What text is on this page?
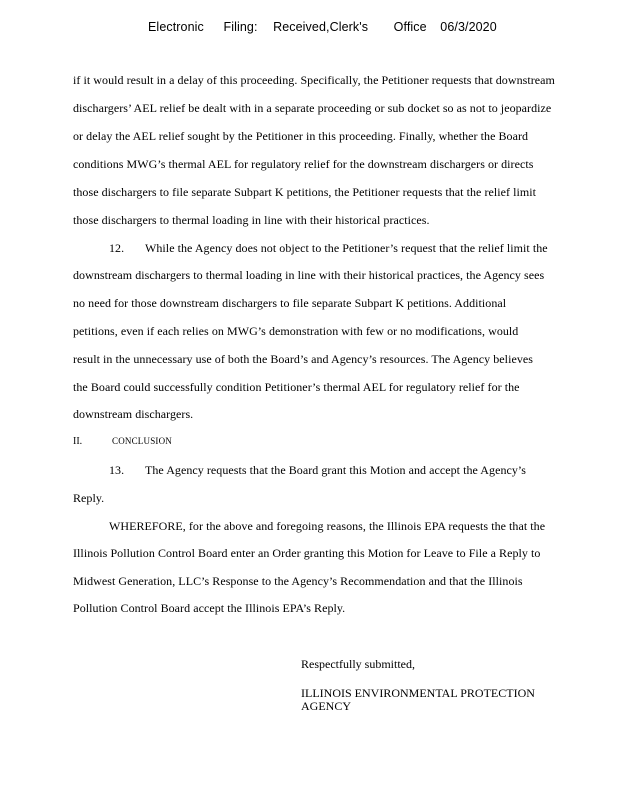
Electronic Filing: Received,Clerk's Office 06/3/2020
if it would result in a delay of this proceeding. Specifically, the Petitioner requests that downstream
dischargers’ AEL relief be dealt with in a separate proceeding or sub docket so as not to jeopardize
or delay the AEL relief sought by the Petitioner in this proceeding. Finally, whether the Board
conditions MWG’s thermal AEL for regulatory relief for the downstream dischargers or directs
those dischargers to file separate Subpart K petitions, the Petitioner requests that the relief limit
those dischargers to thermal loading in line with their historical practices.
12. While the Agency does not object to the Petitioner’s request that the relief limit the
downstream dischargers to thermal loading in line with their historical practices, the Agency sees
no need for those downstream dischargers to file separate Subpart K petitions. Additional
petitions, even if each relies on MWG’s demonstration with few or no modifications, would
result in the unnecessary use of both the Board’s and Agency’s resources. The Agency believes
the Board could successfully condition Petitioner’s thermal AEL for regulatory relief for the
downstream dischargers.
II.	CONCLUSION
13. The Agency requests that the Board grant this Motion and accept the Agency’s
Reply.
WHEREFORE, for the above and foregoing reasons, the Illinois EPA requests the that the
Illinois Pollution Control Board enter an Order granting this Motion for Leave to File a Reply to
Midwest Generation, LLC’s Response to the Agency’s Recommendation and that the Illinois
Pollution Control Board accept the Illinois EPA’s Reply.
Respectfully submitted,
ILLINOIS ENVIRONMENTAL PROTECTION
AGENCY
